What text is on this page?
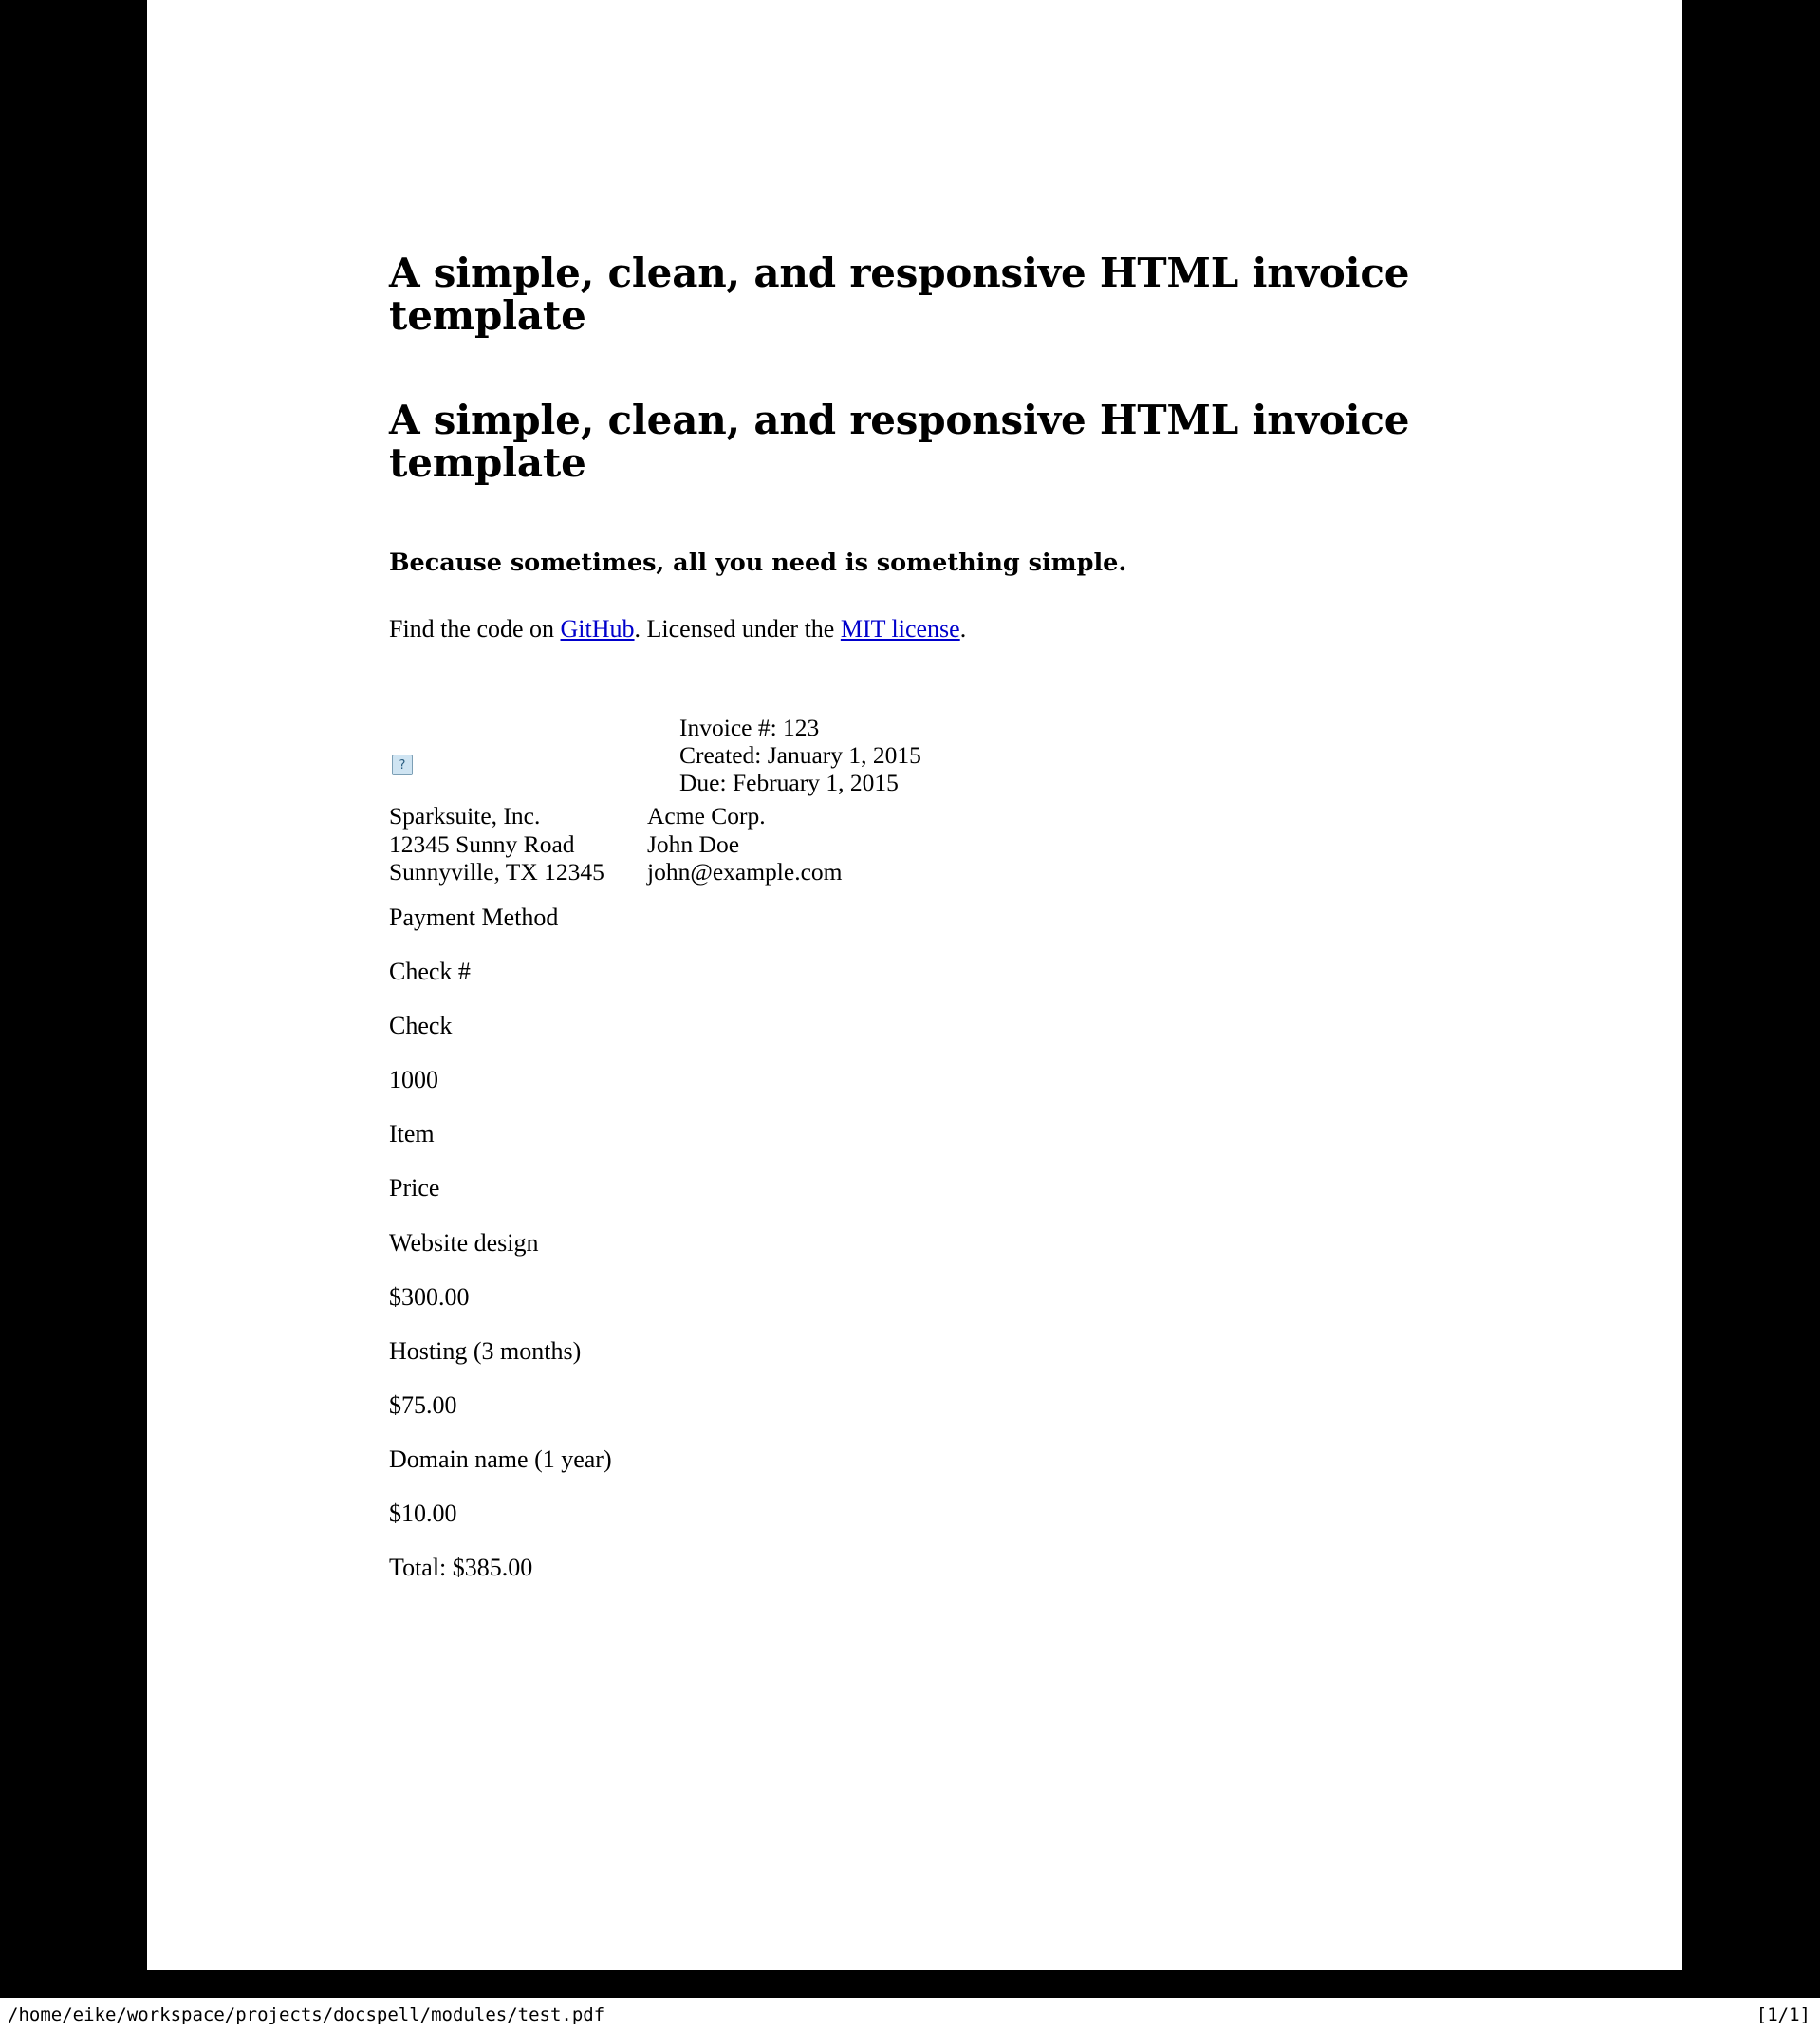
A simple, clean, and responsive HTML invoice template
A simple, clean, and responsive HTML invoice template
Because sometimes, all you need is something simple.
Find the code on GitHub. Licensed under the MIT license.
?
Invoice #: 123
Created: January 1, 2015
Due: February 1, 2015
Sparksuite, Inc.
12345 Sunny Road
Sunnyville, TX 12345
Acme Corp.
John Doe
john@example.com

Payment Method

Check #

Check

1000

Item

Price

Website design

$300.00

Hosting (3 months)

$75.00

Domain name (1 year)

$10.00

Total: $385.00

/home/eike/workspace/projects/docspell/modules/test.pdf	[1/1]
